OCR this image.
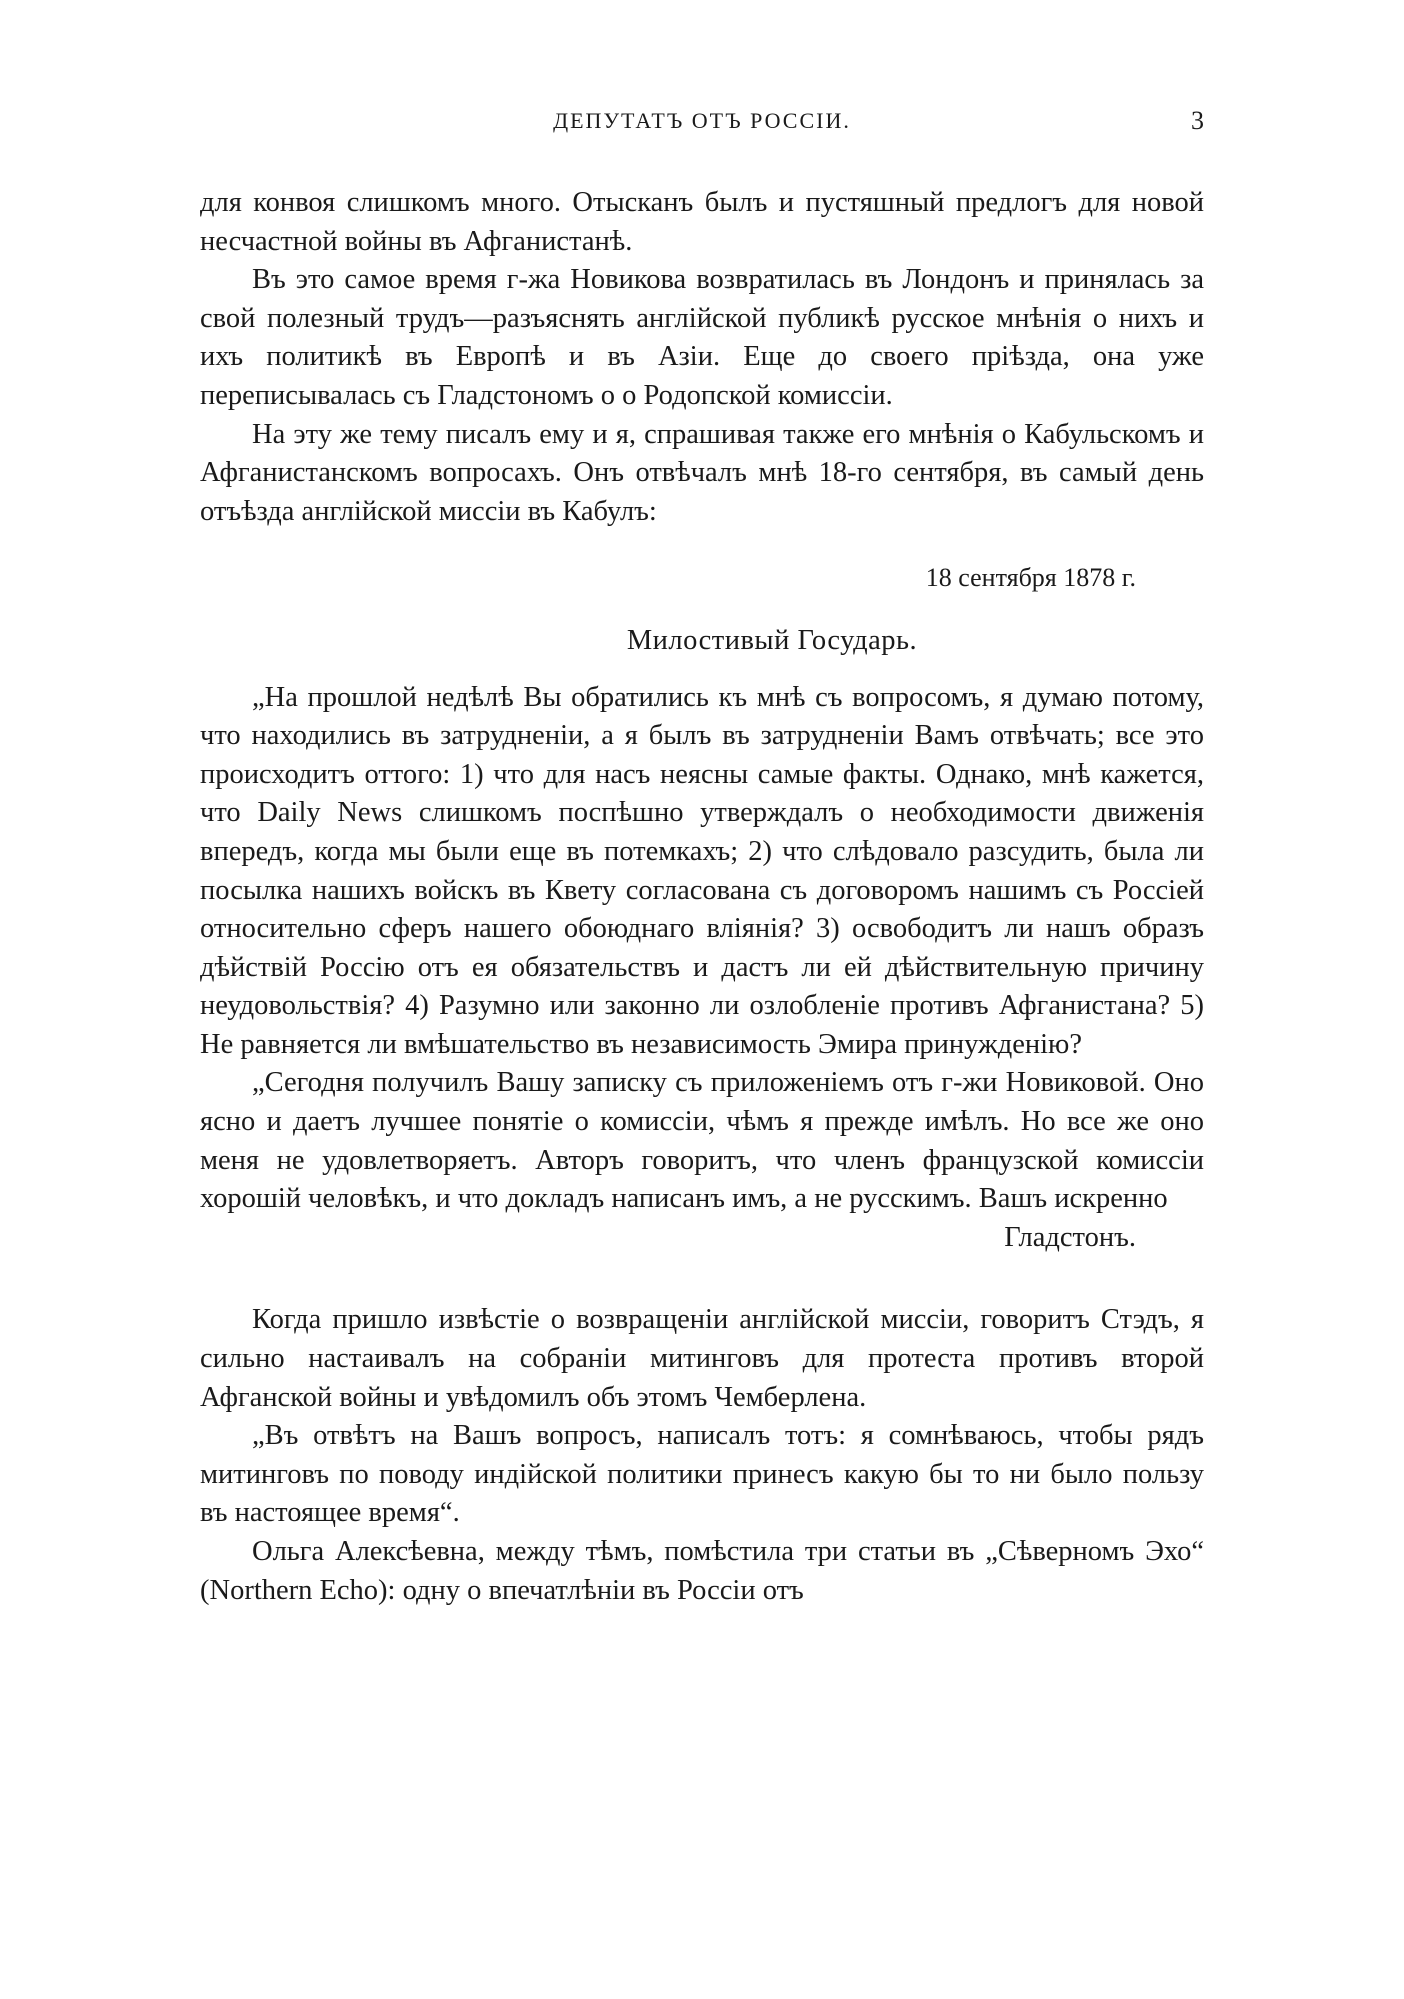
ДЕПУТАТЪ ОТЪ РОССІИ.	3

для конвоя слишкомъ много. Отысканъ былъ и пустяшный предлогъ для новой несчастной войны въ Афганистанѣ.

Въ это самое время г-жа Новикова возвратилась въ Лондонъ и принялась за свой полезный трудъ—разъяснять англійской публикѣ русское мнѣнія о нихъ и ихъ политикѣ въ Европѣ и въ Азіи. Еще до своего пріѣзда, она уже переписывалась съ Гладстономъ о о Родопской комиссіи.

На эту же тему писалъ ему и я, спрашивая также его мнѣнія о Кабульскомъ и Афганистанскомъ вопросахъ. Онъ отвѣчалъ мнѣ 18-го сентября, въ самый день отъѣзда англійской миссіи въ Кабулъ:

18 сентября 1878 г.

Милостивый Государь.

„На прошлой недѣлѣ Вы обратились къ мнѣ съ вопросомъ, я думаю потому, что находились въ затрудненіи, а я былъ въ затрудненіи Вамъ отвѣчать; все это происходитъ оттого: 1) что для насъ неясны самые факты. Однако, мнѣ кажется, что Daily News слишкомъ поспѣшно утверждалъ о необходимости движенія впередъ, когда мы были еще въ потемкахъ; 2) что слѣдовало разсудить, была ли посылка нашихъ войскъ въ Квету согласована съ договоромъ нашимъ съ Россіей относительно сферъ нашего обоюднаго вліянія? 3) освободитъ ли нашъ образъ дѣйствій Россію отъ ея обязательствъ и дастъ ли ей дѣйствительную причину неудовольствія? 4) Разумно или законно ли озлобленіе противъ Афганистана? 5) Не равняется ли вмѣшательство въ независимость Эмира принужденію?

„Сегодня получилъ Вашу записку съ приложеніемъ отъ г-жи Новиковой. Оно ясно и даетъ лучшее понятіе о комиссіи, чѣмъ я прежде имѣлъ. Но все же оно меня не удовлетворяетъ. Авторъ говоритъ, что членъ французской комиссіи хорошій человѣкъ, и что докладъ написанъ имъ, а не русскимъ. Вашъ искренно

Гладстонъ.

Когда пришло извѣстіе о возвращеніи англійской миссіи, говоритъ Стэдъ, я сильно настаивалъ на собраніи митинговъ для протеста противъ второй Афганской войны и увѣдомилъ объ этомъ Чемберлена.

„Въ отвѣтъ на Вашъ вопросъ, написалъ тотъ: я сомнѣваюсь, чтобы рядъ митинговъ по поводу индійской политики принесъ какую бы то ни было пользу въ настоящее время“.

Ольга Алексѣевна, между тѣмъ, помѣстила три статьи въ „Сѣверномъ Эхо“ (Northern Echo): одну о впечатлѣніи въ Россіи отъ
